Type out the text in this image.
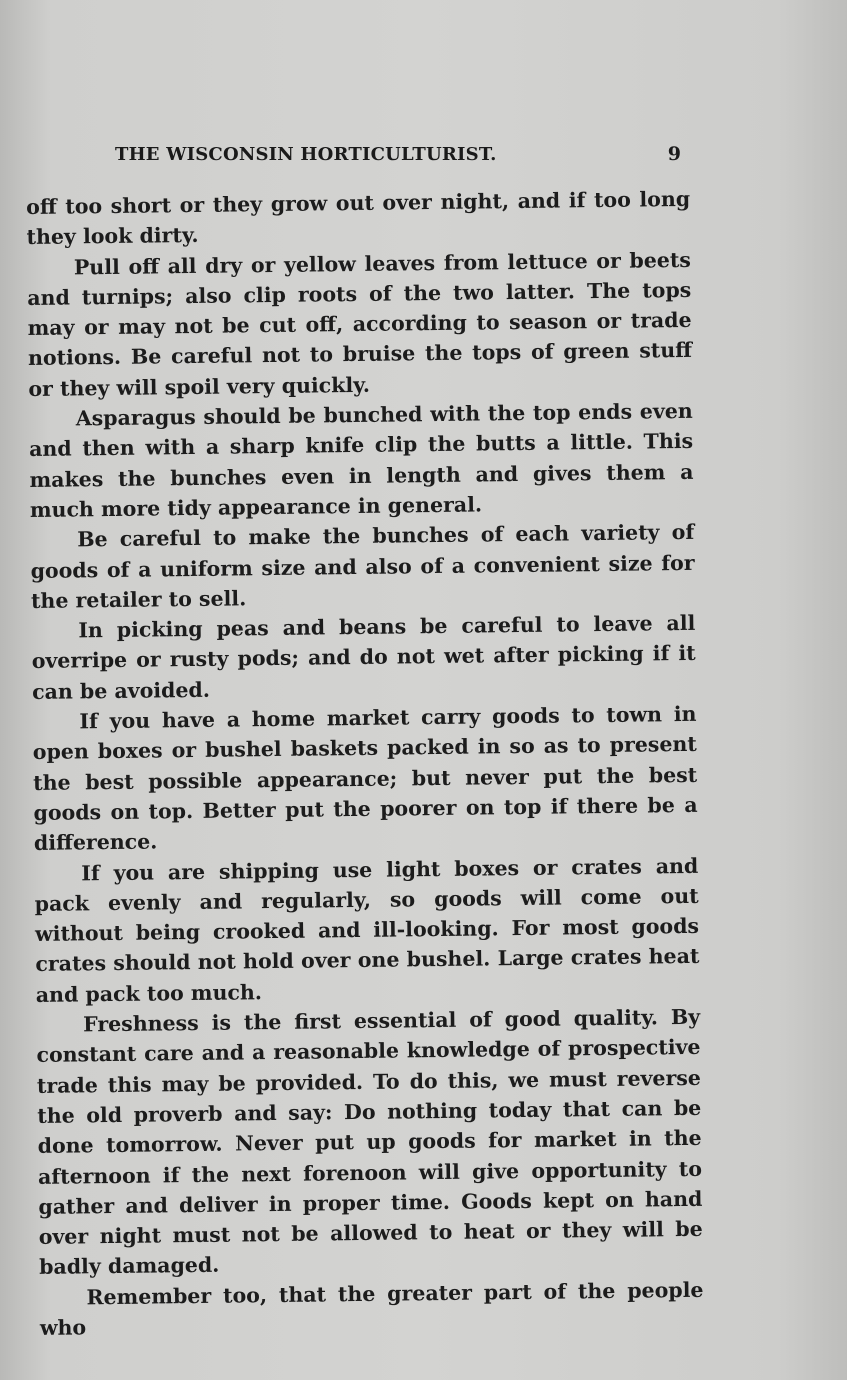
THE WISCONSIN HORTICULTURIST.	9

off too short or they grow out over night, and if too long they look dirty.

Pull off all dry or yellow leaves from lettuce or beets and turnips; also clip roots of the two latter. The tops may or may not be cut off, according to season or trade notions. Be careful not to bruise the tops of green stuff or they will spoil very quickly.

Asparagus should be bunched with the top ends even and then with a sharp knife clip the butts a little. This makes the bunches even in length and gives them a much more tidy appearance in general.

Be careful to make the bunches of each variety of goods of a uniform size and also of a convenient size for the retailer to sell.

In picking peas and beans be careful to leave all overripe or rusty pods; and do not wet after picking if it can be avoided.

If you have a home market carry goods to town in open boxes or bushel baskets packed in so as to present the best possible appearance; but never put the best goods on top. Better put the poorer on top if there be a difference.

If you are shipping use light boxes or crates and pack evenly and regularly, so goods will come out without being crooked and ill-looking. For most goods crates should not hold over one bushel. Large crates heat and pack too much.

Freshness is the first essential of good quality. By constant care and a reasonable knowledge of prospective trade this may be provided. To do this, we must reverse the old proverb and say: Do nothing today that can be done tomorrow. Never put up goods for market in the afternoon if the next forenoon will give opportunity to gather and deliver in proper time. Goods kept on hand over night must not be allowed to heat or they will be badly damaged.

Remember too, that the greater part of the people who
